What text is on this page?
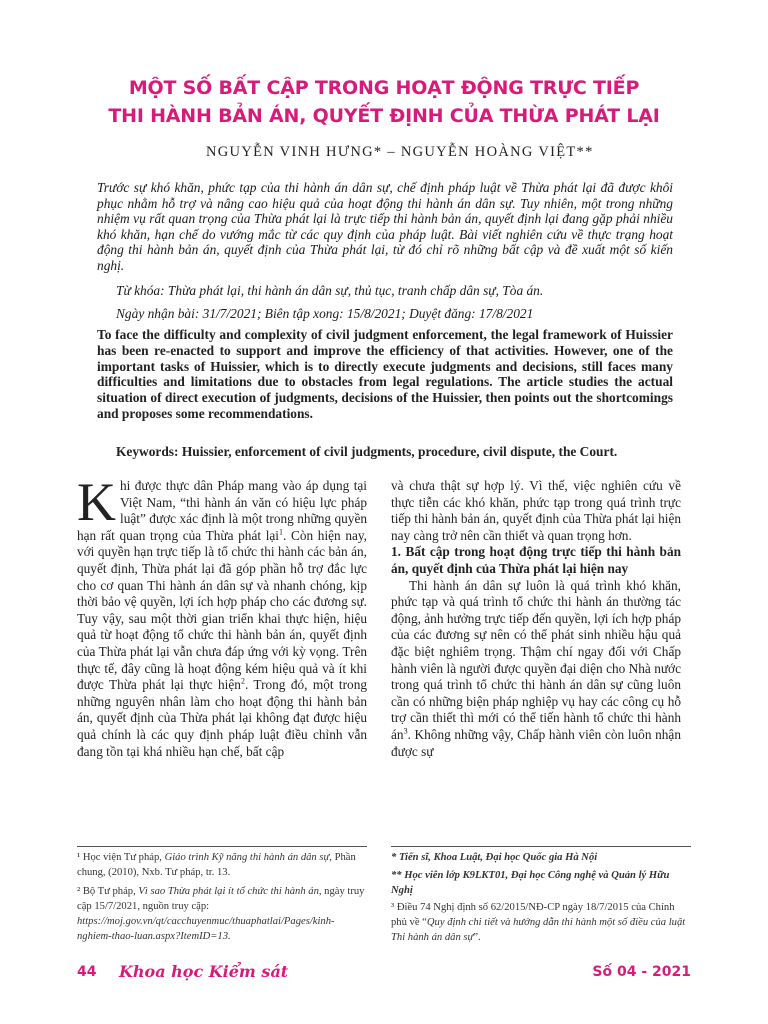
MỘT SỐ BẤT CẬP TRONG HOẠT ĐỘNG TRỰC TIẾP
THI HÀNH BẢN ÁN, QUYẾT ĐỊNH CỦA THỪA PHÁT LẠI
NGUYỄN VINH HƯNG* – NGUYỄN HOÀNG VIỆT**

Trước sự khó khăn, phức tạp của thi hành án dân sự, chế định pháp luật về Thừa phát lại đã được khôi phục nhằm hỗ trợ và nâng cao hiệu quả của hoạt động thi hành án dân sự. Tuy nhiên, một trong những nhiệm vụ rất quan trọng của Thừa phát lại là trực tiếp thi hành bản án, quyết định lại đang gặp phải nhiều khó khăn, hạn chế do vướng mắc từ các quy định của pháp luật. Bài viết nghiên cứu về thực trạng hoạt động thi hành bản án, quyết định của Thừa phát lại, từ đó chỉ rõ những bất cập và đề xuất một số kiến nghị.

Từ khóa: Thừa phát lại, thi hành án dân sự, thủ tục, tranh chấp dân sự, Tòa án.

Ngày nhận bài: 31/7/2021; Biên tập xong: 15/8/2021; Duyệt đăng: 17/8/2021

To face the difficulty and complexity of civil judgment enforcement, the legal framework of Huissier has been re-enacted to support and improve the efficiency of that activities. However, one of the important tasks of Huissier, which is to directly execute judgments and decisions, still faces many difficulties and limitations due to obstacles from legal regulations. The article studies the actual situation of direct execution of judgments, decisions of the Huissier, then points out the shortcomings and proposes some recommendations.

Keywords: Huissier, enforcement of civil judgments, procedure, civil dispute, the Court.

Khi được thực dân Pháp mang vào áp dụng tại Việt Nam, “thi hành án văn có hiệu lực pháp luật” được xác định là một trong những quyền hạn rất quan trọng của Thừa phát lại$^1$. Còn hiện nay, với quyền hạn trực tiếp là tổ chức thi hành các bản án, quyết định, Thừa phát lại đã góp phần hỗ trợ đắc lực cho cơ quan Thi hành án dân sự và nhanh chóng, kịp thời bảo vệ quyền, lợi ích hợp pháp cho các đương sự. Tuy vậy, sau một thời gian triển khai thực hiện, hiệu quả từ hoạt động tổ chức thi hành bản án, quyết định của Thừa phát lại vẫn chưa đáp ứng với kỳ vọng. Trên thực tế, đây cũng là hoạt động kém hiệu quả và ít khi được Thừa phát lại thực hiện$^2$. Trong đó, một trong những nguyên nhân làm cho hoạt động thi hành bản án, quyết định của Thừa phát lại không đạt được hiệu quả chính là các quy định pháp luật điều chỉnh vẫn đang tồn tại khá nhiều hạn chế, bất cập

và chưa thật sự hợp lý. Vì thế, việc nghiên cứu về thực tiễn các khó khăn, phức tạp trong quá trình trực tiếp thi hành bản án, quyết định của Thừa phát lại hiện nay càng trở nên cần thiết và quan trọng hơn.

1. Bất cập trong hoạt động trực tiếp thi hành bản án, quyết định của Thừa phát lại hiện nay

Thi hành án dân sự luôn là quá trình khó khăn, phức tạp và quá trình tổ chức thi hành án thường tác động, ảnh hưởng trực tiếp đến quyền, lợi ích hợp pháp của các đương sự nên có thể phát sinh nhiều hậu quả đặc biệt nghiêm trọng. Thậm chí ngay đối với Chấp hành viên là người được quyền đại diện cho Nhà nước trong quá trình tổ chức thi hành án dân sự cũng luôn cần có những biện pháp nghiệp vụ hay các công cụ hỗ trợ cần thiết thì mới có thể tiến hành tổ chức thi hành $án^3$. Không những vậy, Chấp hành viên còn luôn nhận được sự

¹ Học viện Tư pháp, Giáo trình Kỹ năng thi hành án dân sự, Phần chung, (2010), Nxb. Tư pháp, tr. 13.

² Bộ Tư pháp, Vì sao Thừa phát lại ít tổ chức thi hành án, ngày truy cập 15/7/2021, nguồn truy cập: https://moj.gov.vn/qt/cacchuyenmuc/thuaphatlai/Pages/kinh-nghiem-thao-luan.aspx?ItemID=13.

* Tiến sĩ, Khoa Luật, Đại học Quốc gia Hà Nội

** Học viên lớp K9LKT01, Đại học Công nghệ và Quản lý Hữu Nghị

³ Điều 74 Nghị định số 62/2015/NĐ-CP ngày 18/7/2015 của Chính phủ về “Quy định chi tiết và hướng dẫn thi hành một số điều của luật Thi hành án dân sự”.

44 Khoa học Kiểm sát	Số 04 - 2021
